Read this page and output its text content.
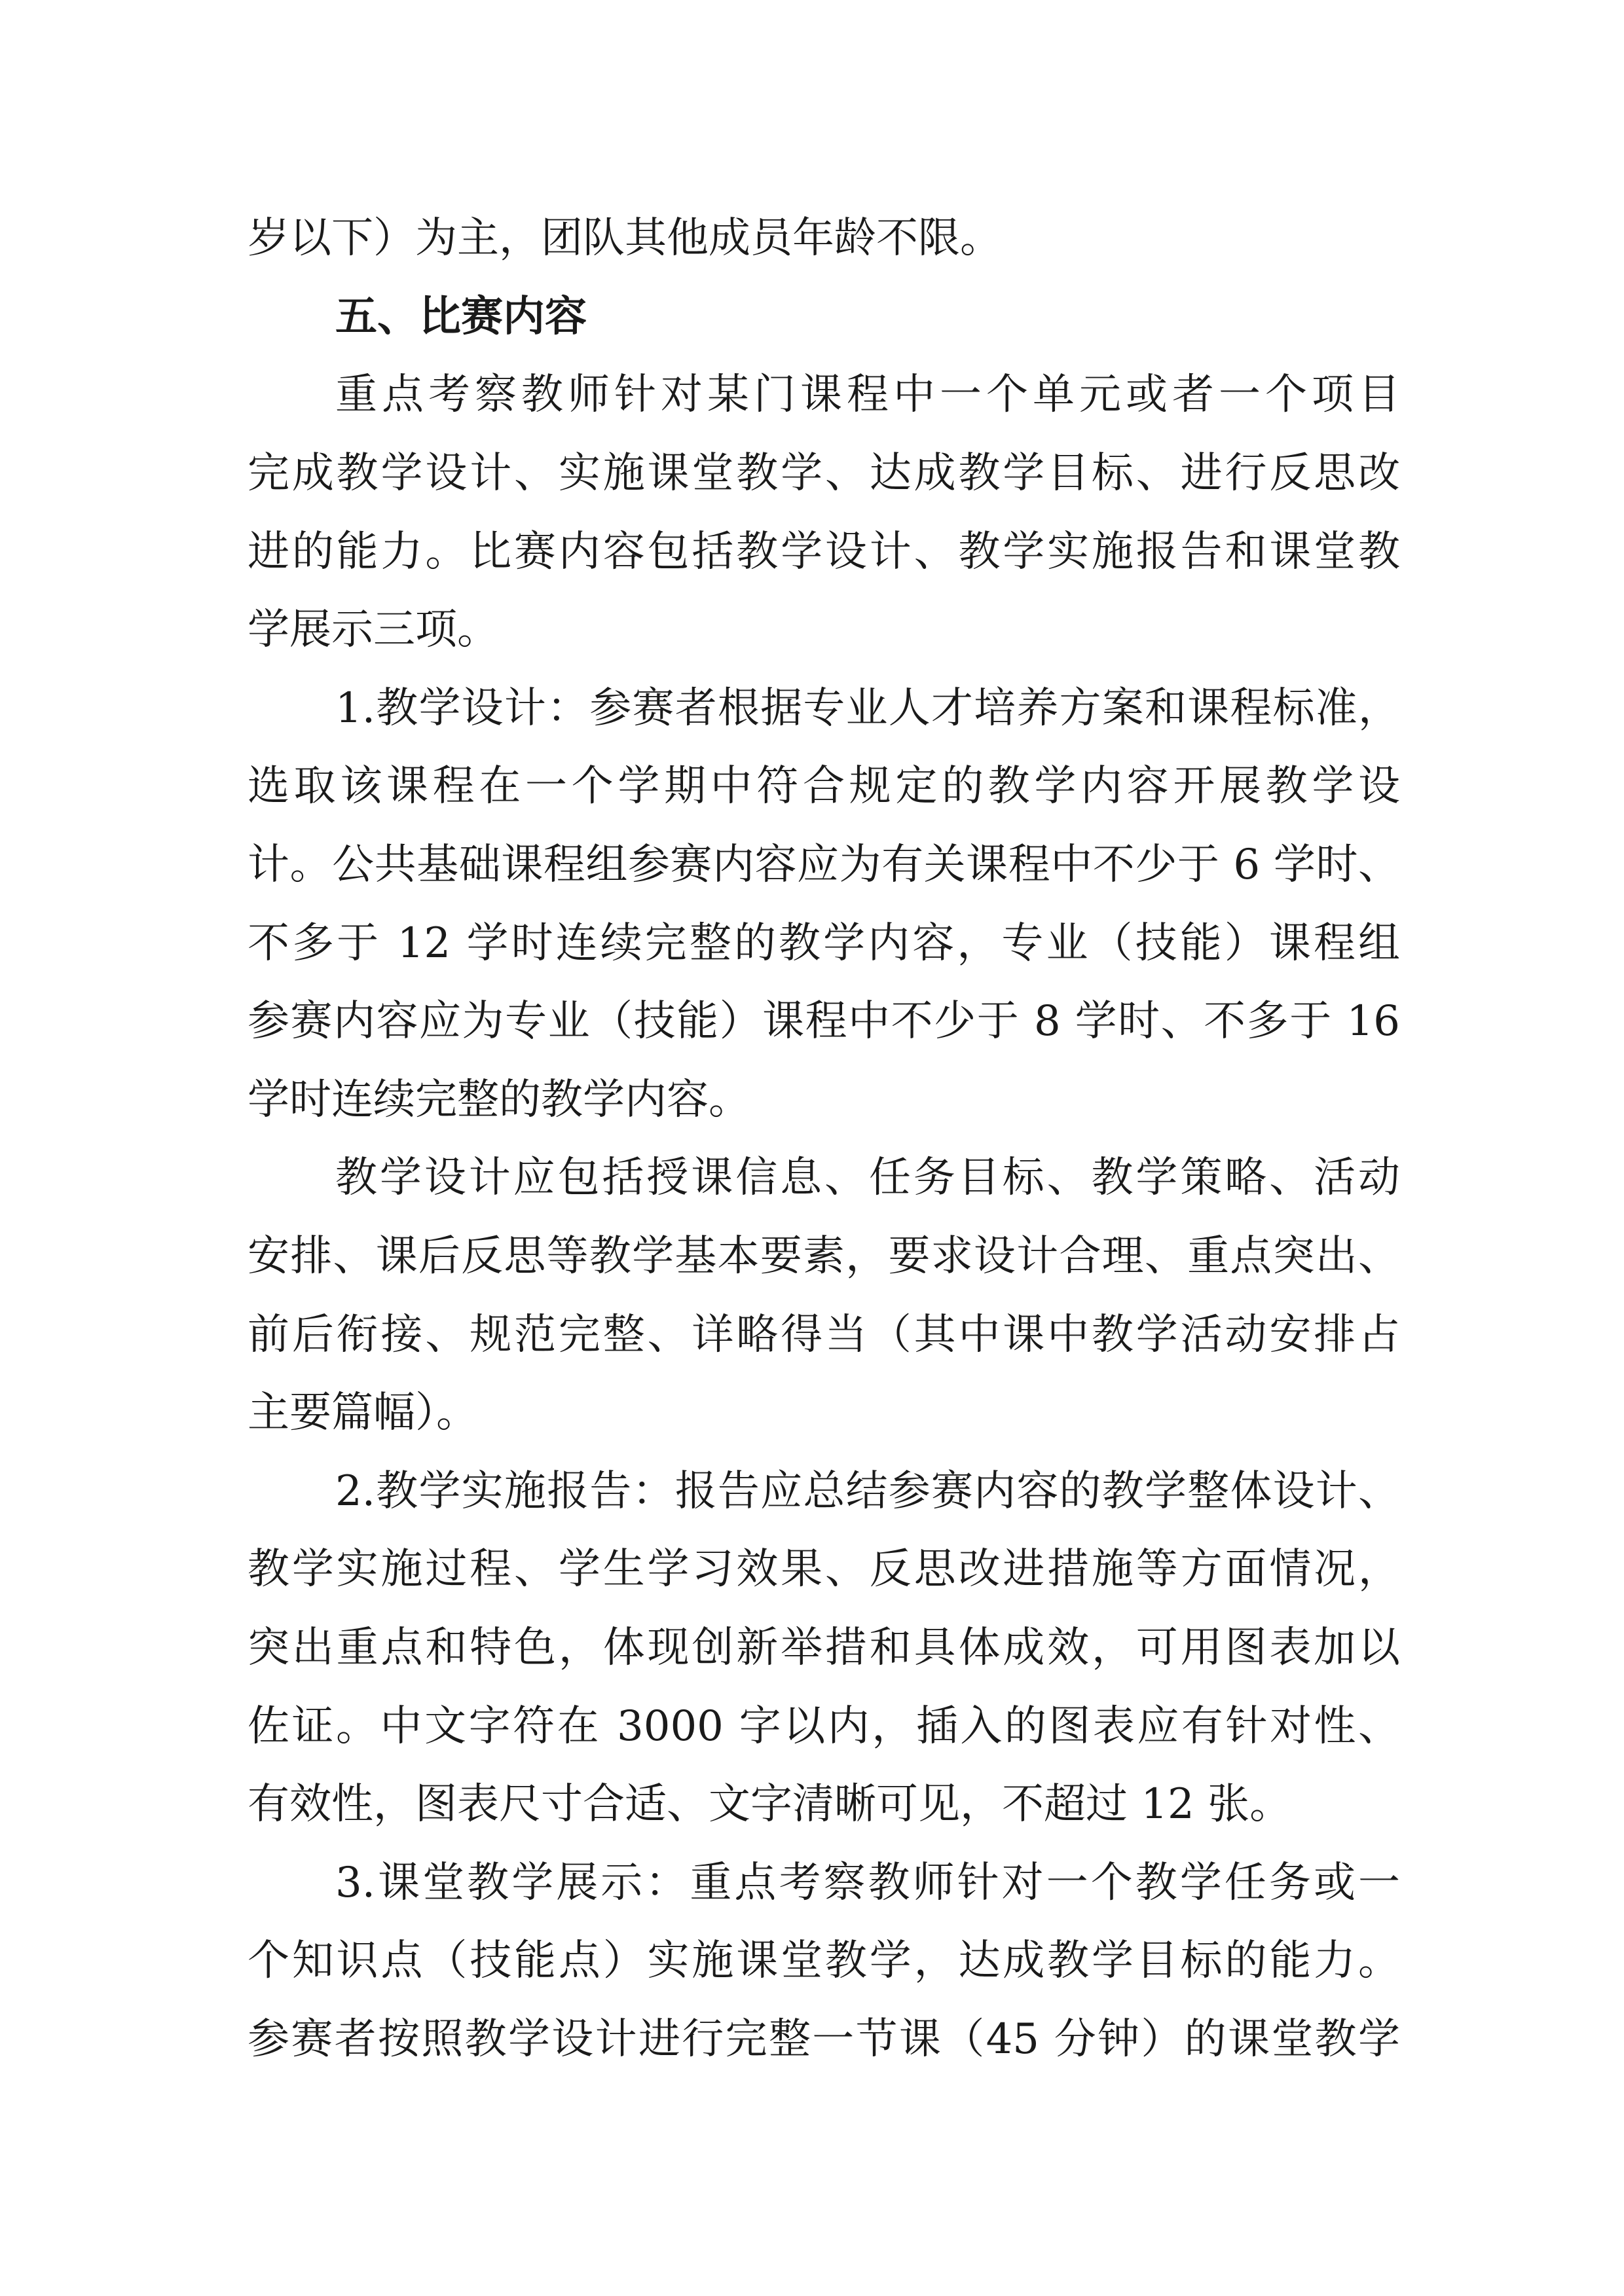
岁以下）为主，团队其他成员年龄不限。
五、比赛内容
重点考察教师针对某门课程中一个单元或者一个项目
完成教学设计、实施课堂教学、达成教学目标、进行反思改
进的能力。比赛内容包括教学设计、教学实施报告和课堂教
学展示三项。
1.教学设计：参赛者根据专业人才培养方案和课程标准，
选取该课程在一个学期中符合规定的教学内容开展教学设
计。公共基础课程组参赛内容应为有关课程中不少于 6 学时、
不多于 12 学时连续完整的教学内容，专业（技能）课程组
参赛内容应为专业（技能）课程中不少于 8 学时、不多于 16
学时连续完整的教学内容。
教学设计应包括授课信息、任务目标、教学策略、活动
安排、课后反思等教学基本要素，要求设计合理、重点突出、
前后衔接、规范完整、详略得当（其中课中教学活动安排占
主要篇幅）。
2.教学实施报告：报告应总结参赛内容的教学整体设计、
教学实施过程、学生学习效果、反思改进措施等方面情况，
突出重点和特色，体现创新举措和具体成效，可用图表加以
佐证。中文字符在 3000 字以内，插入的图表应有针对性、
有效性，图表尺寸合适、文字清晰可见，不超过 12 张。
3.课堂教学展示：重点考察教师针对一个教学任务或一
个知识点（技能点）实施课堂教学，达成教学目标的能力。
参赛者按照教学设计进行完整一节课（45 分钟）的课堂教学
